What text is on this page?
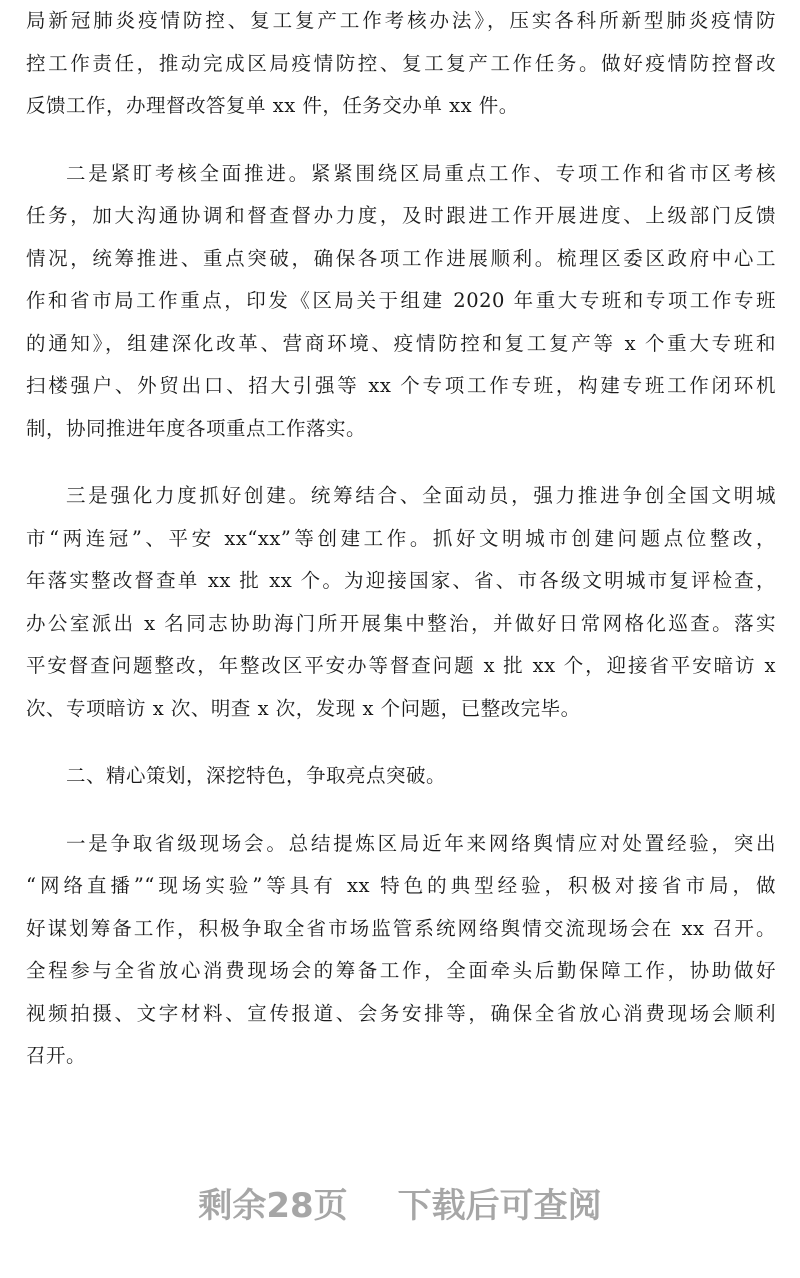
局新冠肺炎疫情防控、复工复产工作考核办法》，压实各科所新型肺炎疫情防
控工作责任，推动完成区局疫情防控、复工复产工作任务。做好疫情防控督改
反馈工作，办理督改答复单 xx 件，任务交办单 xx 件。
二是紧盯考核全面推进。紧紧围绕区局重点工作、专项工作和省市区考核
任务，加大沟通协调和督查督办力度，及时跟进工作开展进度、上级部门反馈
情况，统筹推进、重点突破，确保各项工作进展顺利。梳理区委区政府中心工
作和省市局工作重点，印发《区局关于组建 2020 年重大专班和专项工作专班
的通知》，组建深化改革、营商环境、疫情防控和复工复产等 x 个重大专班和
扫楼强户、外贸出口、招大引强等 xx 个专项工作专班，构建专班工作闭环机
制，协同推进年度各项重点工作落实。
三是强化力度抓好创建。统筹结合、全面动员，强力推进争创全国文明城
市“两连冠”、平安 xx“xx”等创建工作。抓好文明城市创建问题点位整改，
年落实整改督查单 xx 批 xx 个。为迎接国家、省、市各级文明城市复评检查，
办公室派出 x 名同志协助海门所开展集中整治，并做好日常网格化巡查。落实
平安督查问题整改，年整改区平安办等督查问题 x 批 xx 个，迎接省平安暗访 x
次、专项暗访 x 次、明查 x 次，发现 x 个问题，已整改完毕。
二、精心策划，深挖特色，争取亮点突破。
一是争取省级现场会。总结提炼区局近年来网络舆情应对处置经验，突出
“网络直播”“现场实验”等具有 xx 特色的典型经验，积极对接省市局，做
好谋划筹备工作，积极争取全省市场监管系统网络舆情交流现场会在 xx 召开。
全程参与全省放心消费现场会的筹备工作，全面牵头后勤保障工作，协助做好
视频拍摄、文字材料、宣传报道、会务安排等，确保全省放心消费现场会顺利
召开。
剩余28页 下载后可查阅
